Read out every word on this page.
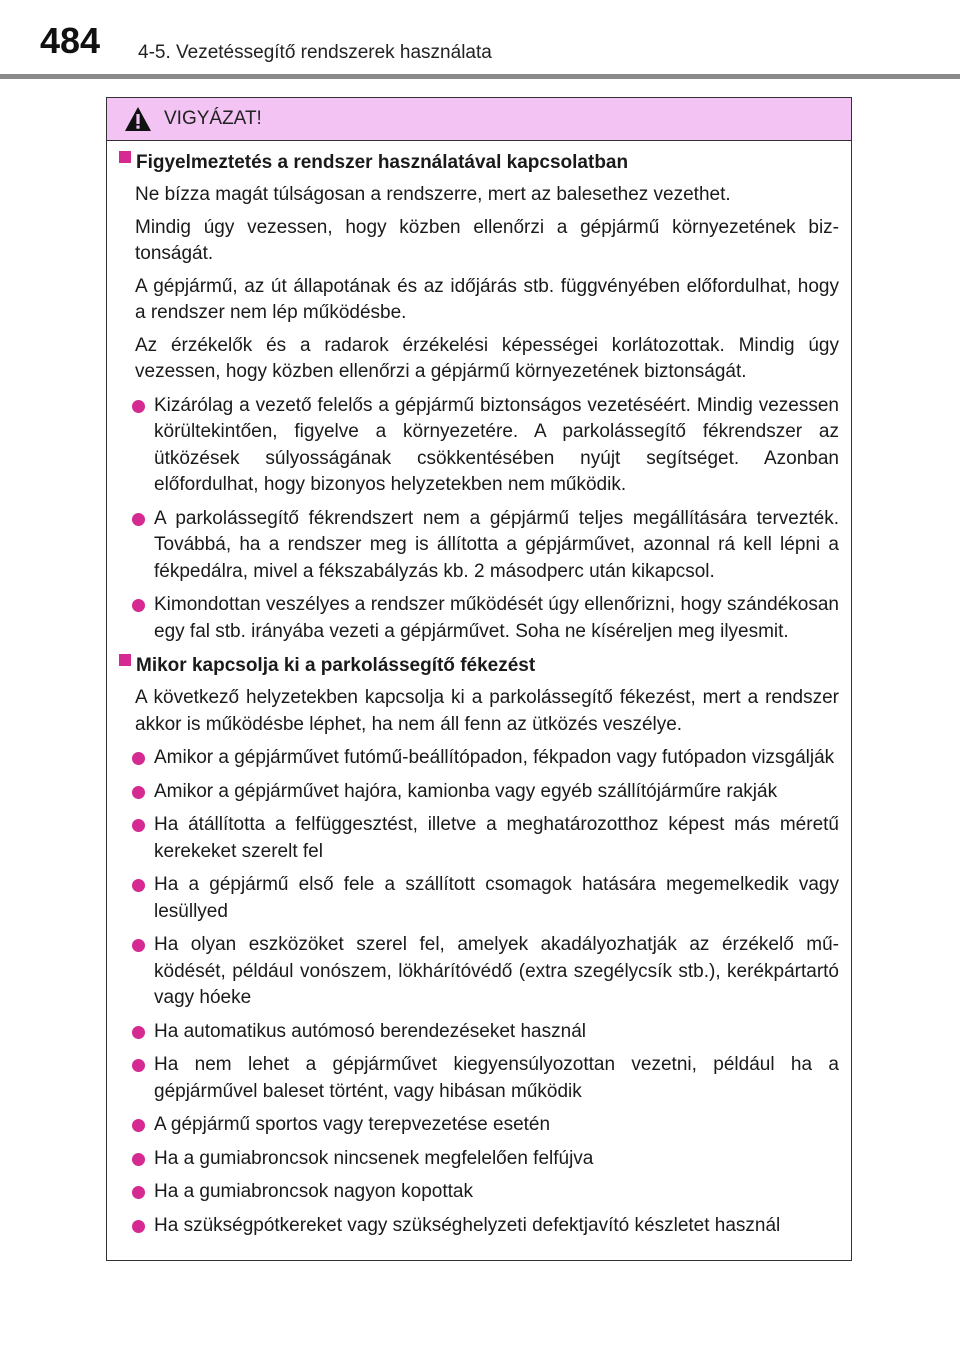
484 4-5. Vezetéssegítő rendszerek használata
VIGYÁZAT!
Figyelmeztetés a rendszer használatával kapcsolatban
Ne bízza magát túlságosan a rendszerre, mert az balesethez vezethet.
Mindig úgy vezessen, hogy közben ellenőrzi a gépjármű környezetének biztonságát.
A gépjármű, az út állapotának és az időjárás stb. függvényében előfordulhat, hogy a rendszer nem lép működésbe.
Az érzékelők és a radarok érzékelési képességei korlátozottak. Mindig úgy vezessen, hogy közben ellenőrzi a gépjármű környezetének biztonságát.
Kizárólag a vezető felelős a gépjármű biztonságos vezetéséért. Mindig vezessen körültekintően, figyelve a környezetére. A parkolássegítő fékrendszer az ütközések súlyosságának csökkentésében nyújt segítséget. Azonban előfordulhat, hogy bizonyos helyzetekben nem működik.
A parkolássegítő fékrendszert nem a gépjármű teljes megállítására tervezték. Továbbá, ha a rendszer meg is állította a gépjárművet, azonnal rá kell lépni a fékpedálra, mivel a fékszabályzás kb. 2 másodperc után kikapcsol.
Kimondottan veszélyes a rendszer működését úgy ellenőrizni, hogy szándékosan egy fal stb. irányába vezeti a gépjárművet. Soha ne kíséreljen meg ilyesmit.
Mikor kapcsolja ki a parkolássegítő fékezést
A következő helyzetekben kapcsolja ki a parkolássegítő fékezést, mert a rendszer akkor is működésbe léphet, ha nem áll fenn az ütközés veszélye.
Amikor a gépjárművet futómű-beállítópadon, fékpadon vagy futópadon vizsgálják
Amikor a gépjárművet hajóra, kamionba vagy egyéb szállítójárműre rakják
Ha átállította a felfüggesztést, illetve a meghatározotthoz képest más méretű kerekeket szerelt fel
Ha a gépjármű első fele a szállított csomagok hatására megemelkedik vagy lesüllyed
Ha olyan eszközöket szerel fel, amelyek akadályozhatják az érzékelő működését, például vonószem, lökhárítóvédő (extra szegélycsík stb.), kerékpártartó vagy hóeke
Ha automatikus autómosó berendezéseket használ
Ha nem lehet a gépjárművet kiegyensúlyozottan vezetni, például ha a gépjárművel baleset történt, vagy hibásan működik
A gépjármű sportos vagy terepvezetése esetén
Ha a gumiabroncsok nincsenek megfelelően felfújva
Ha a gumiabroncsok nagyon kopottak
Ha szükségpótkereket vagy szükséghelyzeti defektjavító készletet használ
